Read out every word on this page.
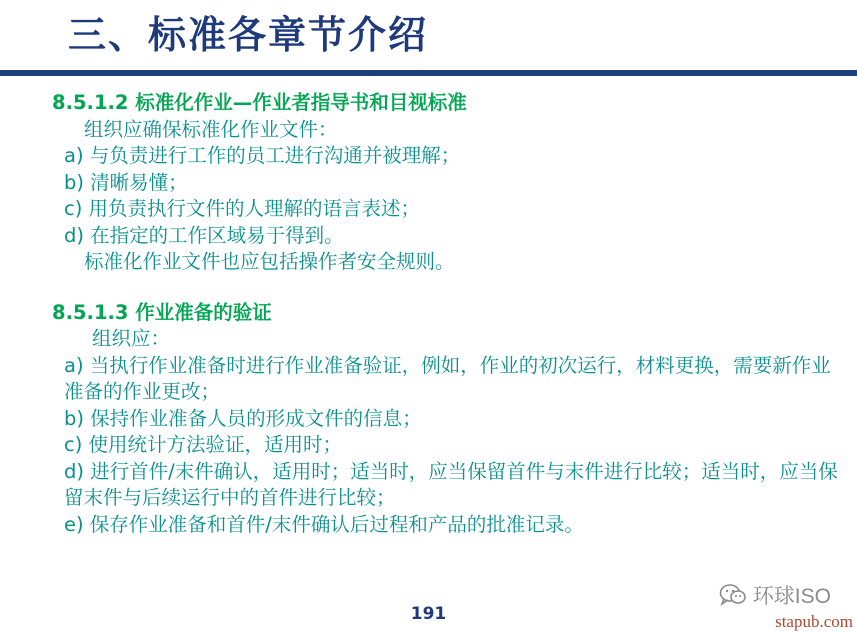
三、标准各章节介绍
8.5.1.2 标准化作业—作业者指导书和目视标准
组织应确保标准化作业文件：
a) 与负责进行工作的员工进行沟通并被理解；
b) 清晰易懂；
c) 用负责执行文件的人理解的语言表述；
d) 在指定的工作区域易于得到。
标准化作业文件也应包括操作者安全规则。
8.5.1.3 作业准备的验证
组织应：
a) 当执行作业准备时进行作业准备验证，例如，作业的初次运行，材料更换，需要新作业准备的作业更改；
b) 保持作业准备人员的形成文件的信息；
c) 使用统计方法验证，适用时；
d) 进行首件/末件确认，适用时；适当时，应当保留首件与末件进行比较；适当时，应当保留末件与后续运行中的首件进行比较；
e) 保存作业准备和首件/末件确认后过程和产品的批准记录。
191
环球ISO
stapub.com
